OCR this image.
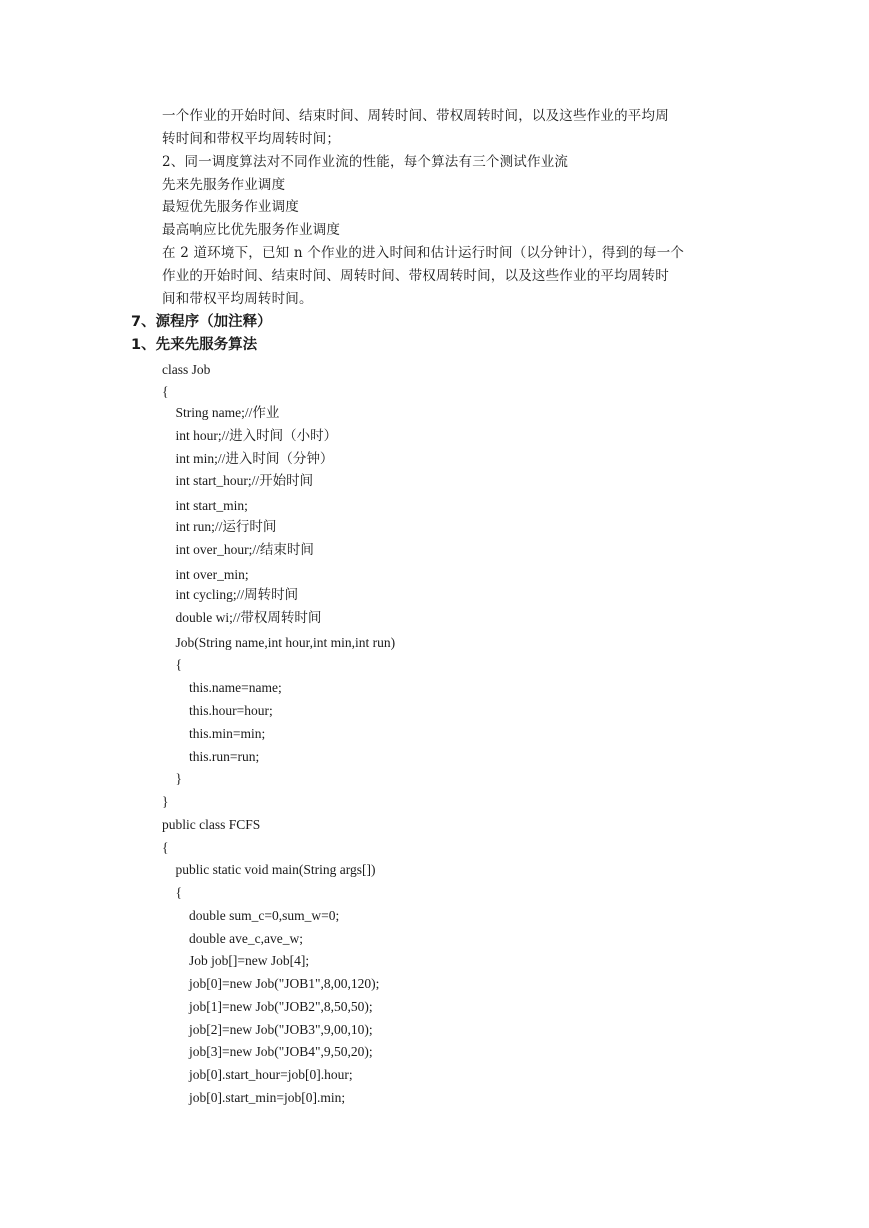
一个作业的开始时间、结束时间、周转时间、带权周转时间，以及这些作业的平均周
转时间和带权平均周转时间；
2、同一调度算法对不同作业流的性能，每个算法有三个测试作业流
先来先服务作业调度
最短优先服务作业调度
最高响应比优先服务作业调度
在 2 道环境下，已知 n 个作业的进入时间和估计运行时间（以分钟计），得到的每一个
作业的开始时间、结束时间、周转时间、带权周转时间，以及这些作业的平均周转时
间和带权平均周转时间。
7、源程序（加注释）
1、先来先服务算法
class Job
{
String name;//作业
int hour;//进入时间（小时）
int min;//进入时间（分钟）
int start_hour;//开始时间
int start_min;
int run;//运行时间
int over_hour;//结束时间
int over_min;
int cycling;//周转时间
double wi;//带权周转时间
Job(String name,int hour,int min,int run)
{
this.name=name;
this.hour=hour;
this.min=min;
this.run=run;
}
}
public class FCFS
{
public static void main(String args[])
{
double sum_c=0,sum_w=0;
double ave_c,ave_w;
Job job[]=new Job[4];
job[0]=new Job("JOB1",8,00,120);
job[1]=new Job("JOB2",8,50,50);
job[2]=new Job("JOB3",9,00,10);
job[3]=new Job("JOB4",9,50,20);
job[0].start_hour=job[0].hour;
job[0].start_min=job[0].min;
